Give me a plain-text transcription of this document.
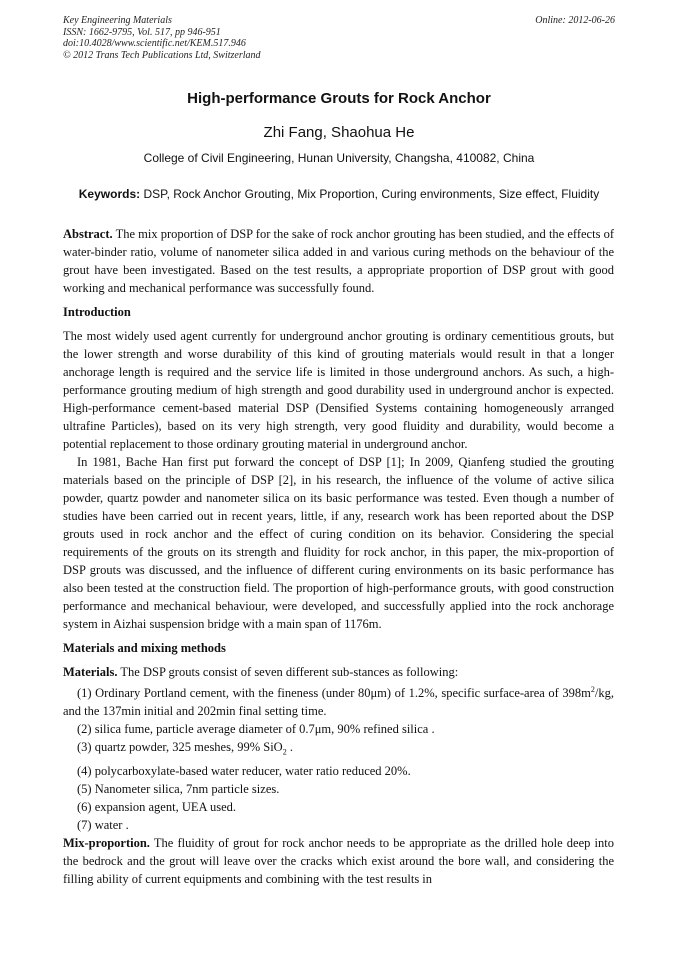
Key Engineering Materials
ISSN: 1662-9795, Vol. 517, pp 946-951
doi:10.4028/www.scientific.net/KEM.517.946
© 2012 Trans Tech Publications Ltd, Switzerland
Online: 2012-06-26
High-performance Grouts for Rock Anchor
Zhi Fang, Shaohua He
College of Civil Engineering, Hunan University, Changsha, 410082, China
Keywords: DSP, Rock Anchor Grouting, Mix Proportion, Curing environments, Size effect, Fluidity

Abstract. The mix proportion of DSP for the sake of rock anchor grouting has been studied, and the effects of water-binder ratio, volume of nanometer silica added in and various curing methods on the behaviour of the grout have been investigated. Based on the test results, a appropriate proportion of DSP grout with good working and mechanical performance was successfully found.

Introduction

The most widely used agent currently for underground anchor grouting is ordinary cementitious grouts, but the lower strength and worse durability of this kind of grouting materials would result in that a longer anchorage length is required and the service life is limited in those underground anchors. As such, a high-performance grouting medium of high strength and good durability used in underground anchor is expected. High-performance cement-based material DSP (Densified Systems containing homogeneously arranged ultrafine Particles), based on its very high strength, very good fluidity and durability, would become a potential replacement to those ordinary grouting material in underground anchor.

In 1981, Bache Han first put forward the concept of DSP [1]; In 2009, Qianfeng studied the grouting materials based on the principle of DSP [2], in his research, the influence of the volume of active silica powder, quartz powder and nanometer silica on its basic performance was tested. Even though a number of studies have been carried out in recent years, little, if any, research work has been reported about the DSP grouts used in rock anchor and the effect of curing condition on its behavior. Considering the special requirements of the grouts on its strength and fluidity for rock anchor, in this paper, the mix-proportion of DSP grouts was discussed, and the influence of different curing environments on its basic performance has also been tested at the construction field. The proportion of high-performance grouts, with good construction performance and mechanical behaviour, were developed, and successfully applied into the rock anchorage system in Aizhai suspension bridge with a main span of 1176m.

Materials and mixing methods

Materials. The DSP grouts consist of seven different sub-stances as following:

(1) Ordinary Portland cement, with the fineness (under 80μm) of 1.2%, specific surface-area of $398m^2/kg$, and the 137min initial and 202min final setting time.
(2) silica fume, particle average diameter of 0.7μm, 90% refined silica .
(3) quartz powder, 325 meshes, 99% SiO$_2$ .
(4) polycarboxylate-based water reducer, water ratio reduced 20%.
(5) Nanometer silica, 7nm particle sizes.
(6) expansion agent, UEA used.
(7) water .

Mix-proportion. The fluidity of grout for rock anchor needs to be appropriate as the drilled hole deep into the bedrock and the grout will leave over the cracks which exist around the bore wall, and considering the filling ability of current equipments and combining with the test results in
